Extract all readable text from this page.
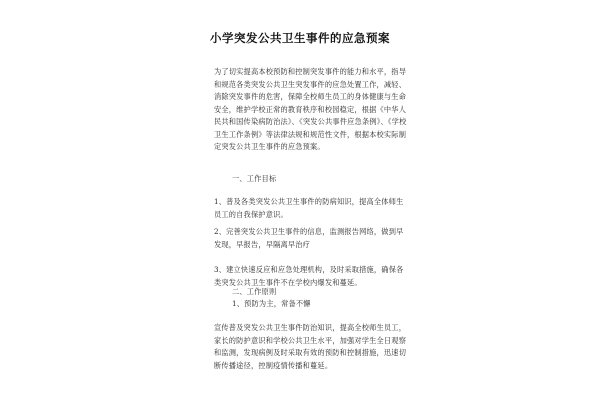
小学突发公共卫生事件的应急预案

为了切实提高本校预防和控制突发事件的能力和水平，指导和规范各类突发公共卫生突发事件的应急处置工作，减轻、消除突发事件的危害，保障全校师生员工的身体健康与生命安全，维护学校正常的教育秩序和校园稳定，根据《中华人民共和国传染病防治法》、《突发公共事件应急条例》、《学校卫生工作条例》等法律法规和规范性文件，根据本校实际制定突发公共卫生事件的应急预案。

一、工作目标

1、普及各类突发公共卫生事件的防病知识，提高全体师生员工的自我保护意识。

2、完善突发公共卫生事件的信息，监测报告网络，做到早发现，早报告，早隔离早治疗

3、建立快速反应和应急处理机构，及时采取措施，确保各类突发公共卫生事件不在学校内爆发和蔓延。

二、工作原则
1、预防为主，常备不懈

宣传普及突发公共卫生事件防治知识，提高全校师生员工，家长的防护意识和学校公共卫生水平，加强对学生全日观察和监测，发现病例及时采取有效的预防和控制措施，迅速切断传播途径，控制疫情传播和蔓延。
